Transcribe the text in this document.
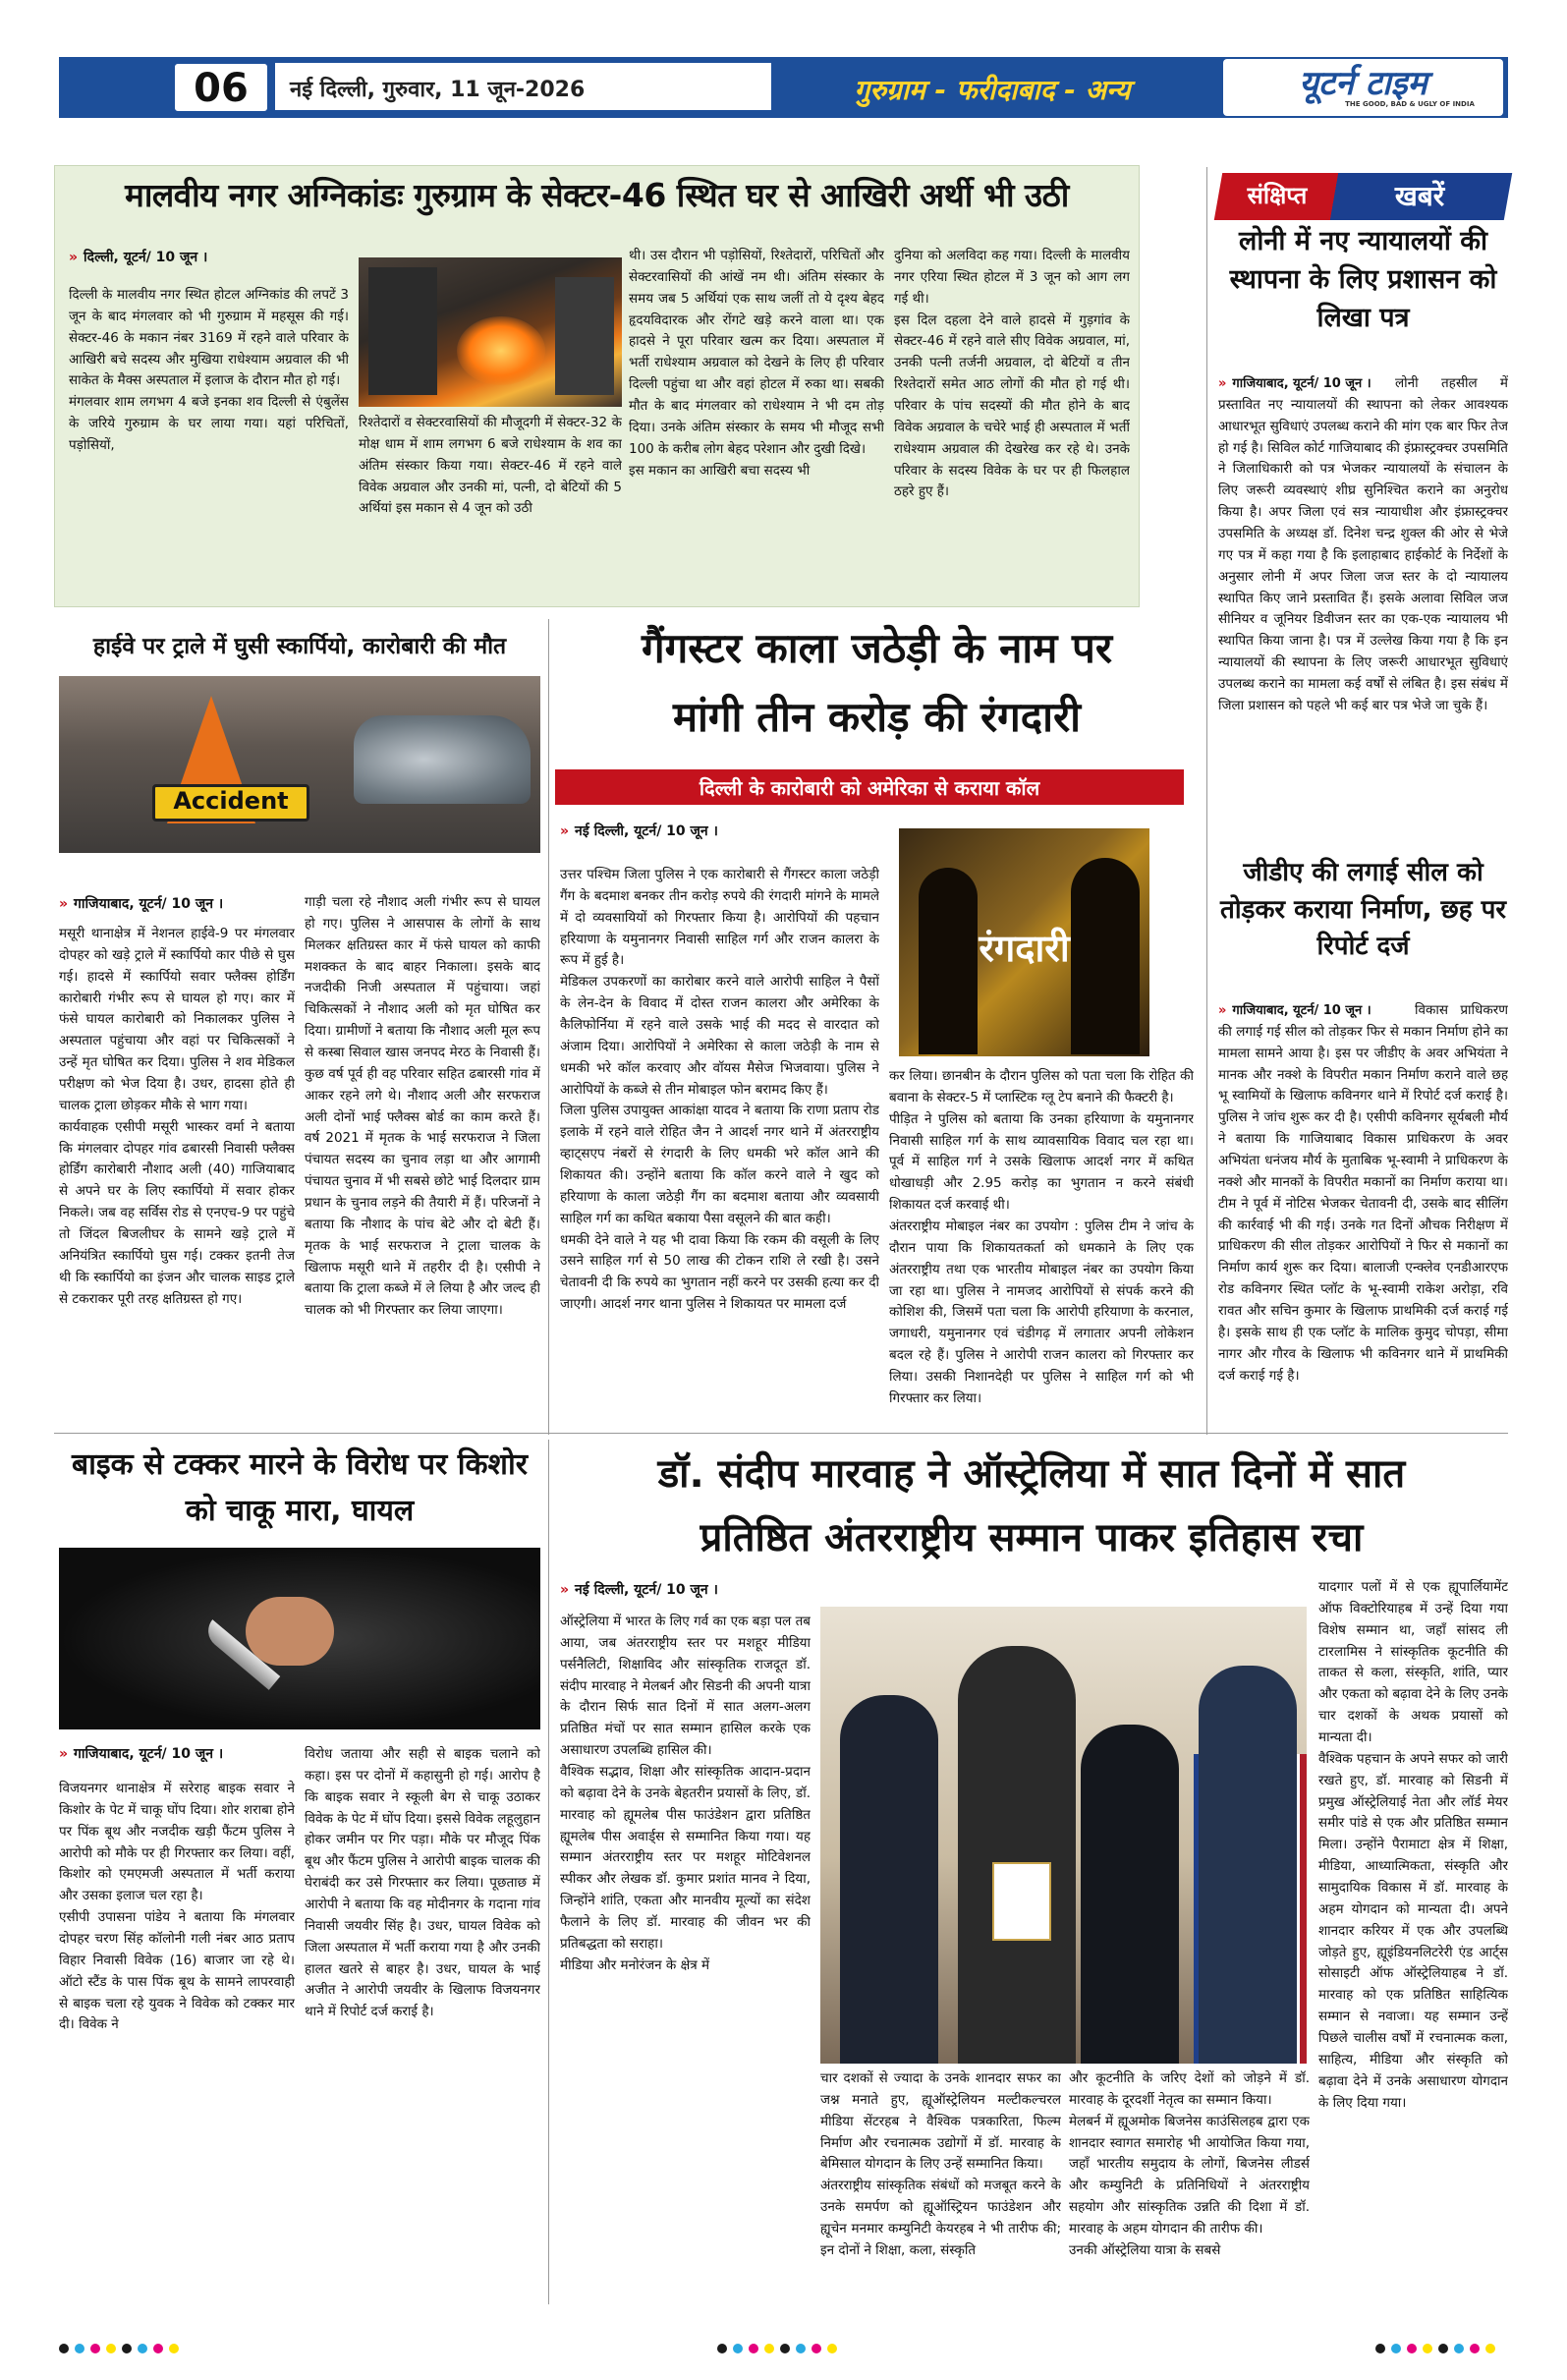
06	नई दिल्ली, गुरुवार, 11 जून-2026	गुरुग्राम - फरीदाबाद - अन्य	यूटर्न टाइम
THE GOOD, BAD & UGLY OF INDIA
मालवीय नगर अग्निकांडः गुरुग्राम के सेक्टर-46 स्थित घर से आखिरी अर्थी भी उठी
» दिल्ली, यूटर्न/ 10 जून ।
दिल्ली के मालवीय नगर स्थित होटल अग्निकांड की लपटें 3 जून के बाद मंगलवार को भी गुरुग्राम में महसूस की गई। सेक्टर-46 के मकान नंबर 3169 में रहने वाले परिवार के आखिरी बचे सदस्य और मुखिया राधेश्याम अग्रवाल की भी साकेत के मैक्स अस्पताल में इलाज के दौरान मौत हो गई।
मंगलवार शाम लगभग 4 बजे इनका शव दिल्ली से एंबुलेंस के जरिये गुरुग्राम के घर लाया गया। यहां परिचितों, पड़ोसियों,
रिश्तेदारों व सेक्टरवासियों की मौजूदगी में सेक्टर-32 के मोक्ष धाम में शाम लगभग 6 बजे राधेश्याम के शव का अंतिम संस्कार किया गया। सेक्टर-46 में रहने वाले विवेक अग्रवाल और उनकी मां, पत्नी, दो बेटियों की 5 अर्थियां इस मकान से 4 जून को उठी
थी। उस दौरान भी पड़ोसियों, रिश्तेदारों, परिचितों और सेक्टरवासियों की आंखें नम थी। अंतिम संस्कार के समय जब 5 अर्थियां एक साथ जलीं तो ये दृश्य बेहद हृदयविदारक और रोंगटे खड़े करने वाला था। एक हादसे ने पूरा परिवार खत्म कर दिया। अस्पताल में भर्ती राधेश्याम अग्रवाल को देखने के लिए ही परिवार दिल्ली पहुंचा था और वहां होटल में रुका था। सबकी मौत के बाद मंगलवार को राधेश्याम ने भी दम तोड़ दिया। उनके अंतिम संस्कार के समय भी मौजूद सभी 100 के करीब लोग बेहद परेशान और दुखी दिखे।
इस मकान का आखिरी बचा सदस्य भी
दुनिया को अलविदा कह गया। दिल्ली के मालवीय नगर एरिया स्थित होटल में 3 जून को आग लग गई थी।
इस दिल दहला देने वाले हादसे में गुड़गांव के सेक्टर-46 में रहने वाले सीए विवेक अग्रवाल, मां, उनकी पत्नी तर्जनी अग्रवाल, दो बेटियों व तीन रिश्तेदारों समेत आठ लोगों की मौत हो गई थी। परिवार के पांच सदस्यों की मौत होने के बाद विवेक अग्रवाल के चचेरे भाई ही अस्पताल में भर्ती राधेश्याम अग्रवाल की देखरेख कर रहे थे। उनके परिवार के सदस्य विवेक के घर पर ही फिलहाल ठहरे हुए हैं।
संक्षिप्त	खबरें
लोनी में नए न्यायालयों की स्थापना के लिए प्रशासन को लिखा पत्र
» गाजियाबाद, यूटर्न/ 10 जून ।	लोनी तहसील में प्रस्तावित नए न्यायालयों की स्थापना को लेकर आवश्यक आधारभूत सुविधाएं उपलब्ध कराने की मांग एक बार फिर तेज हो गई है। सिविल कोर्ट गाजियाबाद की इंफ्रास्ट्रक्चर उपसमिति ने जिलाधिकारी को पत्र भेजकर न्यायालयों के संचालन के लिए जरूरी व्यवस्थाएं शीघ्र सुनिश्चित कराने का अनुरोध किया है। अपर जिला एवं सत्र न्यायाधीश और इंफ्रास्ट्रक्चर उपसमिति के अध्यक्ष डॉ. दिनेश चन्द्र शुक्ल की ओर से भेजे गए पत्र में कहा गया है कि इलाहाबाद हाईकोर्ट के निर्देशों के अनुसार लोनी में अपर जिला जज स्तर के दो न्यायालय स्थापित किए जाने प्रस्तावित हैं। इसके अलावा सिविल जज सीनियर व जूनियर डिवीजन स्तर का एक-एक न्यायालय भी स्थापित किया जाना है। पत्र में उल्लेख किया गया है कि इन न्यायालयों की स्थापना के लिए जरूरी आधारभूत सुविधाएं उपलब्ध कराने का मामला कई वर्षों से लंबित है। इस संबंध में जिला प्रशासन को पहले भी कई बार पत्र भेजे जा चुके हैं।
जीडीए की लगाई सील को तोड़कर कराया निर्माण, छह पर रिपोर्ट दर्ज
» गाजियाबाद, यूटर्न/ 10 जून ।	विकास प्राधिकरण की लगाई गई सील को तोड़कर फिर से मकान निर्माण होने का मामला सामने आया है। इस पर जीडीए के अवर अभियंता ने मानक और नक्शे के विपरीत मकान निर्माण कराने वाले छह भू स्वामियों के खिलाफ कविनगर थाने में रिपोर्ट दर्ज कराई है। पुलिस ने जांच शुरू कर दी है। एसीपी कविनगर सूर्यबली मौर्य ने बताया कि गाजियाबाद विकास प्राधिकरण के अवर अभियंता धनंजय मौर्य के मुताबिक भू-स्वामी ने प्राधिकरण के नक्शे और मानकों के विपरीत मकानों का निर्माण कराया था। टीम ने पूर्व में नोटिस भेजकर चेतावनी दी, उसके बाद सीलिंग की कार्रवाई भी की गई। उनके गत दिनों औचक निरीक्षण में प्राधिकरण की सील तोड़कर आरोपियों ने फिर से मकानों का निर्माण कार्य शुरू कर दिया। बालाजी एन्क्लेव एनडीआरएफ रोड कविनगर स्थित प्लॉट के भू-स्वामी राकेश अरोड़ा, रवि रावत और सचिन कुमार के खिलाफ प्राथमिकी दर्ज कराई गई है। इसके साथ ही एक प्लॉट के मालिक कुमुद चोपड़ा, सीमा नागर और गौरव के खिलाफ भी कविनगर थाने में प्राथमिकी दर्ज कराई गई है।
हाईवे पर ट्राले में घुसी स्कार्पियो, कारोबारी की मौत
Accident
» गाजियाबाद, यूटर्न/ 10 जून ।
मसूरी थानाक्षेत्र में नेशनल हाईवे-9 पर मंगलवार दोपहर को खड़े ट्राले में स्कार्पियो कार पीछे से घुस गई। हादसे में स्कार्पियो सवार फ्लैक्स होर्डिंग कारोबारी गंभीर रूप से घायल हो गए। कार में फंसे घायल कारोबारी को निकालकर पुलिस ने अस्पताल पहुंचाया और वहां पर चिकित्सकों ने उन्हें मृत घोषित कर दिया। पुलिस ने शव मेडिकल परीक्षण को भेज दिया है। उधर, हादसा होते ही चालक ट्राला छोड़कर मौके से भाग गया।
कार्यवाहक एसीपी मसूरी भास्कर वर्मा ने बताया कि मंगलवार दोपहर गांव ढबारसी निवासी फ्लैक्स होर्डिंग कारोबारी नौशाद अली (40) गाजियाबाद से अपने घर के लिए स्कार्पियो में सवार होकर निकले। जब वह सर्विस रोड से एनएच-9 पर पहुंचे तो जिंदल बिजलीघर के सामने खड़े ट्राले में अनियंत्रित स्कार्पियो घुस गई। टक्कर इतनी तेज थी कि स्कार्पियो का इंजन और चालक साइड ट्राले से टकराकर पूरी तरह क्षतिग्रस्त हो गए।
गाड़ी चला रहे नौशाद अली गंभीर रूप से घायल हो गए। पुलिस ने आसपास के लोगों के साथ मिलकर क्षतिग्रस्त कार में फंसे घायल को काफी मशक्कत के बाद बाहर निकाला। इसके बाद नजदीकी निजी अस्पताल में पहुंचाया। जहां चिकित्सकों ने नौशाद अली को मृत घोषित कर दिया। ग्रामीणों ने बताया कि नौशाद अली मूल रूप से कस्बा सिवाल खास जनपद मेरठ के निवासी हैं। कुछ वर्ष पूर्व ही वह परिवार सहित ढबारसी गांव में आकर रहने लगे थे। नौशाद अली और सरफराज अली दोनों भाई फ्लैक्स बोर्ड का काम करते हैं। वर्ष 2021 में मृतक के भाई सरफराज ने जिला पंचायत सदस्य का चुनाव लड़ा था और आगामी पंचायत चुनाव में भी सबसे छोटे भाई दिलदार ग्राम प्रधान के चुनाव लड़ने की तैयारी में हैं। परिजनों ने बताया कि नौशाद के पांच बेटे और दो बेटी हैं। मृतक के भाई सरफराज ने ट्राला चालक के खिलाफ मसूरी थाने में तहरीर दी है। एसीपी ने बताया कि ट्राला कब्जे में ले लिया है और जल्द ही चालक को भी गिरफ्तार कर लिया जाएगा।
गैंगस्टर काला जठेड़ी के नाम पर
मांगी तीन करोड़ की रंगदारी
दिल्ली के कारोबारी को अमेरिका से कराया कॉल
» नई दिल्ली, यूटर्न/ 10 जून ।
उत्तर पश्चिम जिला पुलिस ने एक कारोबारी से गैंगस्टर काला जठेड़ी गैंग के बदमाश बनकर तीन करोड़ रुपये की रंगदारी मांगने के मामले में दो व्यवसायियों को गिरफ्तार किया है। आरोपियों की पहचान हरियाणा के यमुनानगर निवासी साहिल गर्ग और राजन कालरा के रूप में हुई है।
मेडिकल उपकरणों का कारोबार करने वाले आरोपी साहिल ने पैसों के लेन-देन के विवाद में दोस्त राजन कालरा और अमेरिका के कैलिफोर्निया में रहने वाले उसके भाई की मदद से वारदात को अंजाम दिया। आरोपियों ने अमेरिका से काला जठेड़ी के नाम से धमकी भरे कॉल करवाए और वॉयस मैसेज भिजवाया। पुलिस ने आरोपियों के कब्जे से तीन मोबाइल फोन बरामद किए हैं।
जिला पुलिस उपायुक्त आकांक्षा यादव ने बताया कि राणा प्रताप रोड इलाके में रहने वाले रोहित जैन ने आदर्श नगर थाने में अंतरराष्ट्रीय व्हाट्सएप नंबरों से रंगदारी के लिए धमकी भरे कॉल आने की शिकायत की। उन्होंने बताया कि कॉल करने वाले ने खुद को हरियाणा के काला जठेड़ी गैंग का बदमाश बताया और व्यवसायी साहिल गर्ग का कथित बकाया पैसा वसूलने की बात कही।
धमकी देने वाले ने यह भी दावा किया कि रकम की वसूली के लिए उसने साहिल गर्ग से 50 लाख की टोकन राशि ले रखी है। उसने चेतावनी दी कि रुपये का भुगतान नहीं करने पर उसकी हत्या कर दी जाएगी। आदर्श नगर थाना पुलिस ने शिकायत पर मामला दर्ज
रंगदारी
कर लिया। छानबीन के दौरान पुलिस को पता चला कि रोहित की बवाना के सेक्टर-5 में प्लास्टिक ग्लू टेप बनाने की फैक्टरी है।
पीड़ित ने पुलिस को बताया कि उनका हरियाणा के यमुनानगर निवासी साहिल गर्ग के साथ व्यावसायिक विवाद चल रहा था। पूर्व में साहिल गर्ग ने उसके खिलाफ आदर्श नगर में कथित धोखाधड़ी और 2.95 करोड़ का भुगतान न करने संबंधी शिकायत दर्ज करवाई थी।
अंतरराष्ट्रीय मोबाइल नंबर का उपयोग : पुलिस टीम ने जांच के दौरान पाया कि शिकायतकर्ता को धमकाने के लिए एक अंतरराष्ट्रीय तथा एक भारतीय मोबाइल नंबर का उपयोग किया जा रहा था। पुलिस ने नामजद आरोपियों से संपर्क करने की कोशिश की, जिसमें पता चला कि आरोपी हरियाणा के करनाल, जगाधरी, यमुनानगर एवं चंडीगढ़ में लगातार अपनी लोकेशन बदल रहे हैं। पुलिस ने आरोपी राजन कालरा को गिरफ्तार कर लिया। उसकी निशानदेही पर पुलिस ने साहिल गर्ग को भी गिरफ्तार कर लिया।
बाइक से टक्कर मारने के विरोध पर किशोर को चाकू मारा, घायल
» गाजियाबाद, यूटर्न/ 10 जून ।
विजयनगर थानाक्षेत्र में सरेराह बाइक सवार ने किशोर के पेट में चाकू घोंप दिया। शोर शराबा होने पर पिंक बूथ और नजदीक खड़ी फैंटम पुलिस ने आरोपी को मौके पर ही गिरफ्तार कर लिया। वहीं, किशोर को एमएमजी अस्पताल में भर्ती कराया और उसका इलाज चल रहा है।
एसीपी उपासना पांडेय ने बताया कि मंगलवार दोपहर चरण सिंह कॉलोनी गली नंबर आठ प्रताप विहार निवासी विवेक (16) बाजार जा रहे थे। ऑटो स्टैंड के पास पिंक बूथ के सामने लापरवाही से बाइक चला रहे युवक ने विवेक को टक्कर मार दी। विवेक ने
विरोध जताया और सही से बाइक चलाने को कहा। इस पर दोनों में कहासुनी हो गई। आरोप है कि बाइक सवार ने स्कूली बेग से चाकू उठाकर विवेक के पेट में घोंप दिया। इससे विवेक लहूलुहान होकर जमीन पर गिर पड़ा। मौके पर मौजूद पिंक बूथ और फैंटम पुलिस ने आरोपी बाइक चालक की घेराबंदी कर उसे गिरफ्तार कर लिया। पूछताछ में आरोपी ने बताया कि वह मोदीनगर के गदाना गांव निवासी जयवीर सिंह है। उधर, घायल विवेक को जिला अस्पताल में भर्ती कराया गया है और उनकी हालत खतरे से बाहर है। उधर, घायल के भाई अजीत ने आरोपी जयवीर के खिलाफ विजयनगर थाने में रिपोर्ट दर्ज कराई है।
डॉ. संदीप मारवाह ने ऑस्ट्रेलिया में सात दिनों में सात
प्रतिष्ठित अंतरराष्ट्रीय सम्मान पाकर इतिहास रचा
» नई दिल्ली, यूटर्न/ 10 जून ।
ऑस्ट्रेलिया में भारत के लिए गर्व का एक बड़ा पल तब आया, जब अंतरराष्ट्रीय स्तर पर मशहूर मीडिया पर्सनैलिटी, शिक्षाविद और सांस्कृतिक राजदूत डॉ. संदीप मारवाह ने मेलबर्न और सिडनी की अपनी यात्रा के दौरान सिर्फ सात दिनों में सात अलग-अलग प्रतिष्ठित मंचों पर सात सम्मान हासिल करके एक असाधारण उपलब्धि हासिल की।
वैश्विक सद्भाव, शिक्षा और सांस्कृतिक आदान-प्रदान को बढ़ावा देने के उनके बेहतरीन प्रयासों के लिए, डॉ. मारवाह को ह्यूमलेब पीस फाउंडेशन द्वारा प्रतिष्ठित ह्यूमलेब पीस अवार्ड्स से सम्मानित किया गया। यह सम्मान अंतरराष्ट्रीय स्तर पर मशहूर मोटिवेशनल स्पीकर और लेखक डॉ. कुमार प्रशांत मानव ने दिया, जिन्होंने शांति, एकता और मानवीय मूल्यों का संदेश फैलाने के लिए डॉ. मारवाह की जीवन भर की प्रतिबद्धता को सराहा।
मीडिया और मनोरंजन के क्षेत्र में
चार दशकों से ज्यादा के उनके शानदार सफर का जश्न मनाते हुए, ह्यूऑस्ट्रेलियन मल्टीकल्चरल मीडिया सेंटरहब ने वैश्विक पत्रकारिता, फिल्म निर्माण और रचनात्मक उद्योगों में डॉ. मारवाह के बेमिसाल योगदान के लिए उन्हें सम्मानित किया।
अंतरराष्ट्रीय सांस्कृतिक संबंधों को मजबूत करने के उनके समर्पण को ह्यूऑस्ट्रियन फाउंडेशन और ह्यूचेन मनमार कम्युनिटी केयरहब ने भी तारीफ की; इन दोनों ने शिक्षा, कला, संस्कृति
और कूटनीति के जरिए देशों को जोड़ने में डॉ. मारवाह के दूरदर्शी नेतृत्व का सम्मान किया।
मेलबर्न में ह्यूअमोक बिजनेस काउंसिलहब द्वारा एक शानदार स्वागत समारोह भी आयोजित किया गया, जहाँ भारतीय समुदाय के लोगों, बिजनेस लीडर्स और कम्युनिटी के प्रतिनिधियों ने अंतरराष्ट्रीय सहयोग और सांस्कृतिक उन्नति की दिशा में डॉ. मारवाह के अहम योगदान की तारीफ की।
उनकी ऑस्ट्रेलिया यात्रा के सबसे
यादगार पलों में से एक ह्यूपार्लियामेंट ऑफ विक्टोरियाहब में उन्हें दिया गया विशेष सम्मान था, जहाँ सांसद ली टारलामिस ने सांस्कृतिक कूटनीति की ताकत से कला, संस्कृति, शांति, प्यार और एकता को बढ़ावा देने के लिए उनके चार दशकों के अथक प्रयासों को मान्यता दी।
वैश्विक पहचान के अपने सफर को जारी रखते हुए, डॉ. मारवाह को सिडनी में प्रमुख ऑस्ट्रेलियाई नेता और लॉर्ड मेयर समीर पांडे से एक और प्रतिष्ठित सम्मान मिला। उन्होंने पैरामाटा क्षेत्र में शिक्षा, मीडिया, आध्यात्मिकता, संस्कृति और सामुदायिक विकास में डॉ. मारवाह के अहम योगदान को मान्यता दी। अपने शानदार करियर में एक और उपलब्धि जोड़ते हुए, ह्यूइंडियनलिटरेरी एंड आर्ट्स सोसाइटी ऑफ ऑस्ट्रेलियाहब ने डॉ. मारवाह को एक प्रतिष्ठित साहित्यिक सम्मान से नवाजा। यह सम्मान उन्हें पिछले चालीस वर्षों में रचनात्मक कला, साहित्य, मीडिया और संस्कृति को बढ़ावा देने में उनके असाधारण योगदान के लिए दिया गया।
